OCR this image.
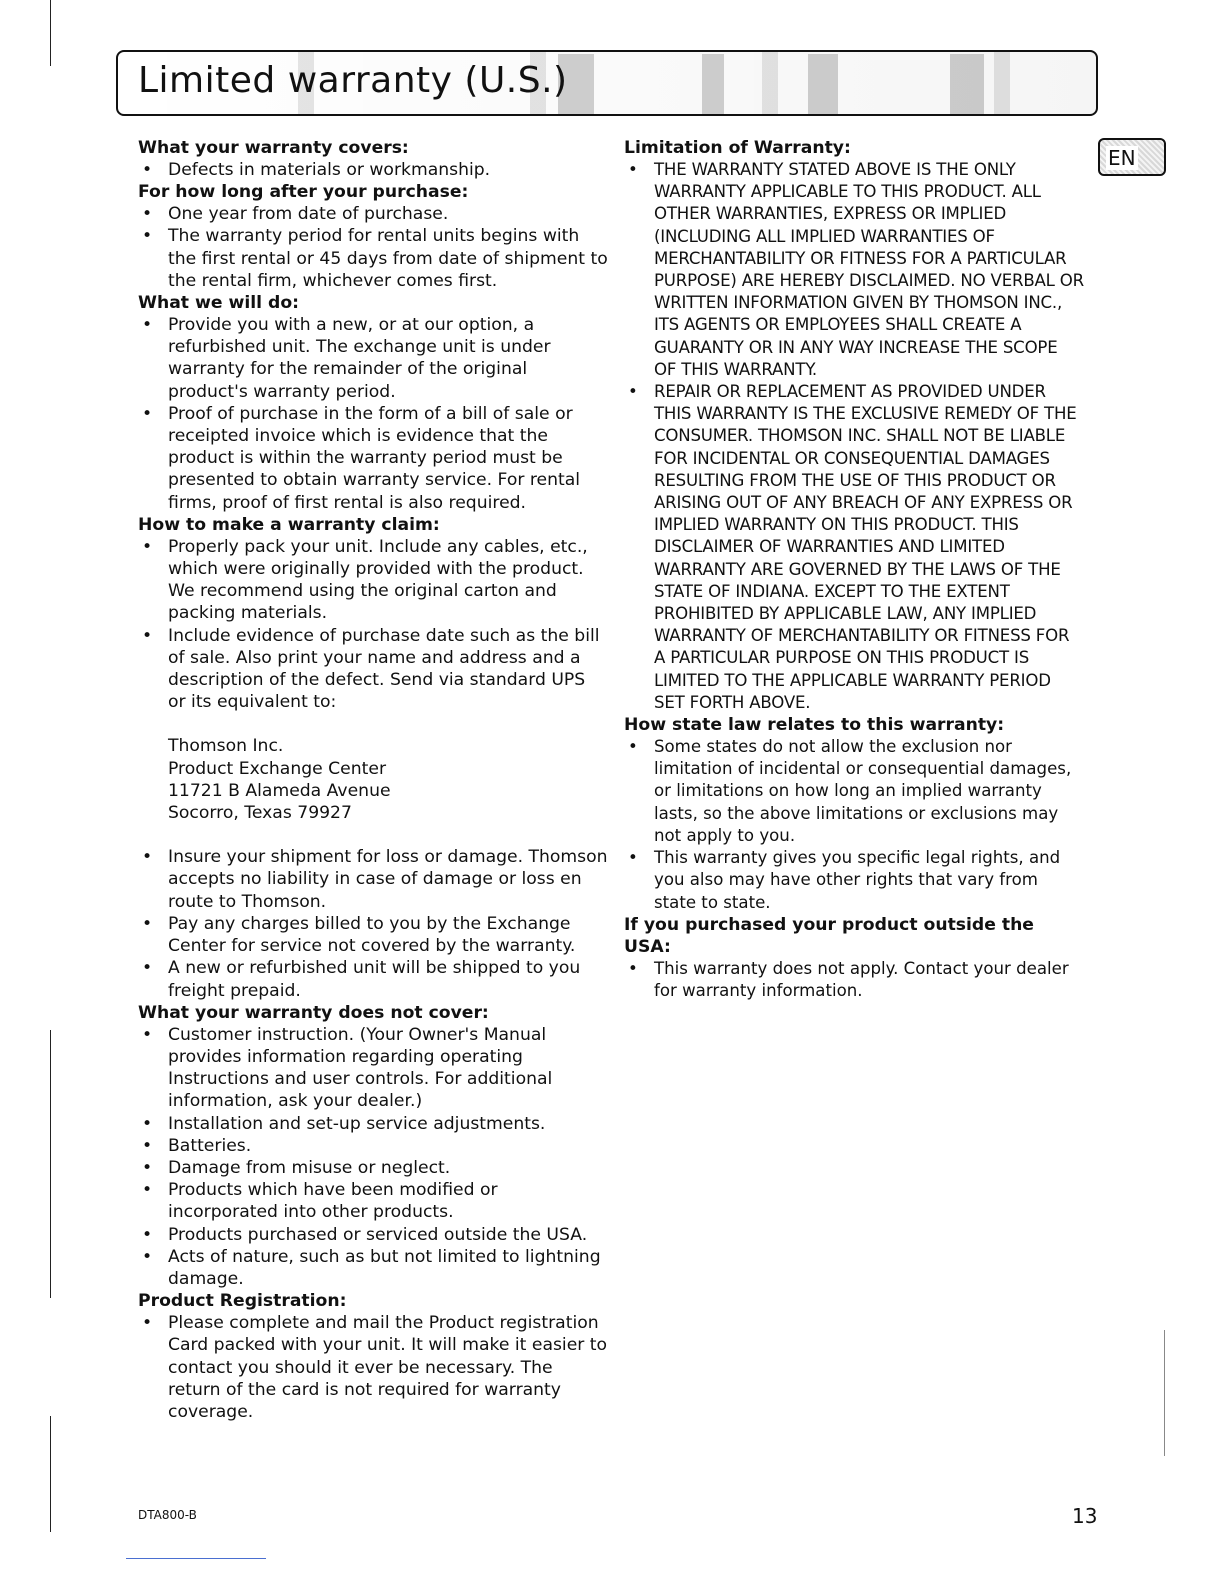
Limited warranty (U.S.)
EN

What your warranty covers:

• Defects in materials or workmanship.

For how long after your purchase:

• One year from date of purchase.
• The warranty period for rental units begins with the first rental or 45 days from date of shipment to the rental firm, whichever comes first.

What we will do:

• Provide you with a new, or at our option, a refurbished unit. The exchange unit is under warranty for the remainder of the original product's warranty period.
• Proof of purchase in the form of a bill of sale or receipted invoice which is evidence that the product is within the warranty period must be presented to obtain warranty service. For rental firms, proof of first rental is also required.

How to make a warranty claim:

• Properly pack your unit. Include any cables, etc., which were originally provided with the product. We recommend using the original carton and packing materials.
• Include evidence of purchase date such as the bill of sale. Also print your name and address and a description of the defect. Send via standard UPS or its equivalent to:
Thomson Inc.
Product Exchange Center
11721 B Alameda Avenue
Socorro, Texas 79927
• Insure your shipment for loss or damage. Thomson accepts no liability in case of damage or loss en route to Thomson.
• Pay any charges billed to you by the Exchange Center for service not covered by the warranty.
• A new or refurbished unit will be shipped to you freight prepaid.

What your warranty does not cover:

• Customer instruction. (Your Owner's Manual provides information regarding operating Instructions and user controls. For additional information, ask your dealer.)
• Installation and set-up service adjustments.
• Batteries.
• Damage from misuse or neglect.
• Products which have been modified or incorporated into other products.
• Products purchased or serviced outside the USA.
• Acts of nature, such as but not limited to lightning damage.

Product Registration:

• Please complete and mail the Product registration Card packed with your unit. It will make it easier to contact you should it ever be necessary. The return of the card is not required for warranty coverage.

Limitation of Warranty:

• THE WARRANTY STATED ABOVE IS THE ONLY WARRANTY APPLICABLE TO THIS PRODUCT. ALL OTHER WARRANTIES, EXPRESS OR IMPLIED (INCLUDING ALL IMPLIED WARRANTIES OF MERCHANTABILITY OR FITNESS FOR A PARTICULAR PURPOSE) ARE HEREBY DISCLAIMED. NO VERBAL OR WRITTEN INFORMATION GIVEN BY THOMSON INC., ITS AGENTS OR EMPLOYEES SHALL CREATE A GUARANTY OR IN ANY WAY INCREASE THE SCOPE OF THIS WARRANTY.
• REPAIR OR REPLACEMENT AS PROVIDED UNDER THIS WARRANTY IS THE EXCLUSIVE REMEDY OF THE CONSUMER. THOMSON INC. SHALL NOT BE LIABLE FOR INCIDENTAL OR CONSEQUENTIAL DAMAGES RESULTING FROM THE USE OF THIS PRODUCT OR ARISING OUT OF ANY BREACH OF ANY EXPRESS OR IMPLIED WARRANTY ON THIS PRODUCT. THIS DISCLAIMER OF WARRANTIES AND LIMITED WARRANTY ARE GOVERNED BY THE LAWS OF THE STATE OF INDIANA. EXCEPT TO THE EXTENT PROHIBITED BY APPLICABLE LAW, ANY IMPLIED WARRANTY OF MERCHANTABILITY OR FITNESS FOR A PARTICULAR PURPOSE ON THIS PRODUCT IS LIMITED TO THE APPLICABLE WARRANTY PERIOD SET FORTH ABOVE.

How state law relates to this warranty:

• Some states do not allow the exclusion nor limitation of incidental or consequential damages, or limitations on how long an implied warranty lasts, so the above limitations or exclusions may not apply to you.
• This warranty gives you specific legal rights, and you also may have other rights that vary from state to state.

If you purchased your product outside the USA:

• This warranty does not apply. Contact your dealer for warranty information.
DTA800-B	13
